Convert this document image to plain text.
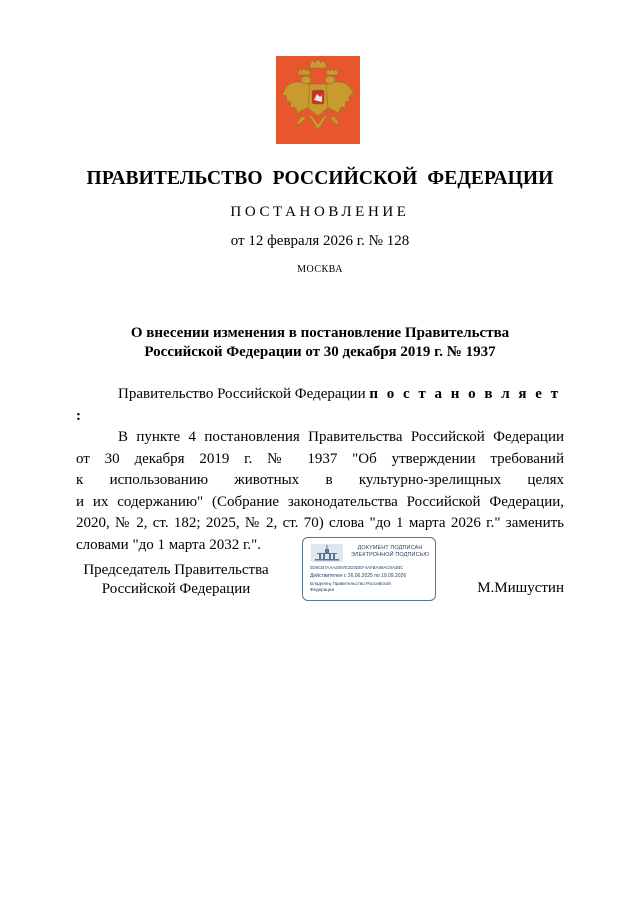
ПРАВИТЕЛЬСТВО РОССИЙСКОЙ ФЕДЕРАЦИИ
ПОСТАНОВЛЕНИЕ
от 12 февраля 2026 г. № 128
МОСКВА
О внесении изменения в постановление Правительства
Российской Федерации от 30 декабря 2019 г. № 1937

Правительство Российской Федерации п о с т а н о в л я е т :

В пункте 4 постановления Правительства Российской Федерации
от 30 декабря 2019 г. № 1937 "Об утверждении требований
к использованию животных в культурно-зрелищных целях
и их содержанию" (Собрание законодательства Российской Федерации, 2020, № 2, ст. 182; 2025, № 2, ст. 70) слова "до 1 марта 2026 г." заменить словами "до 1 марта 2032 г.".
Председатель Правительства
Российской Федерации
ДОКУМЕНТ ПОДПИСАН
ЭЛЕКТРОННОЙ ПОДПИСЬЮ
0D6CB7AAA2097E2D3DEF4AFBA69AC8A3BC
Действителен с 26.06.2025 по 19.09.2026
Владелец Правительство Российской
Федерации	М.Мишустин
